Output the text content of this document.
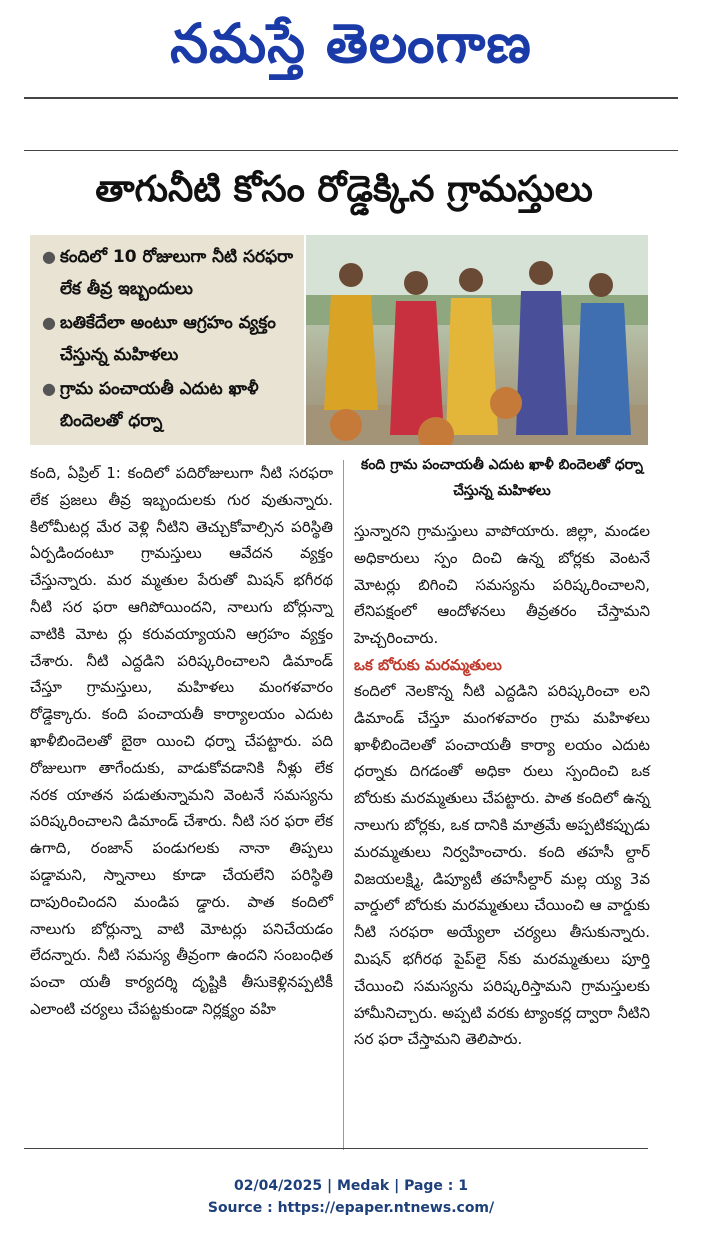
నమస్తే తెలంగాణ
తాగునీటి కోసం రోడ్డెక్కిన గ్రామస్తులు
● కందిలో 10 రోజులుగా నీటి సరఫరా లేక తీవ్ర ఇబ్బందులు
● బతికేదేలా అంటూ ఆగ్రహం వ్యక్తం చేస్తున్న మహిళలు
● గ్రామ పంచాయతీ ఎదుట ఖాళీ బిందెలతో ధర్నా
కంది గ్రామ పంచాయతీ ఎదుట ఖాళీ బిందెలతో ధర్నా చేస్తున్న మహిళలు

కంది, ఏప్రిల్ 1: కందిలో పదిరోజులుగా నీటి సరఫరా లేక ప్రజలు తీవ్ర ఇబ్బందులకు గుర వుతున్నారు. కిలోమీటర్ల మేర వెళ్లి నీటిని తెచ్చుకోవాల్సిన పరిస్థితి ఏర్పడిందంటూ గ్రామస్తులు ఆవేదన వ్యక్తం చేస్తున్నారు. మర మ్మతుల పేరుతో మిషన్ భగీరథ నీటి సర ఫరా ఆగిపోయిందని, నాలుగు బోర్లున్నా వాటికి మోట ర్లు కరువయ్యాయని ఆగ్రహం వ్యక్తం చేశారు. నీటి ఎద్దడిని పరిష్కరించాలని డిమాండ్ చేస్తూ గ్రామస్తులు, మహిళలు మంగళవారం రోడ్డెక్కారు. కంది పంచాయతీ కార్యాలయం ఎదుట ఖాళీబిందెలతో బైఠా యించి ధర్నా చేపట్టారు. పది రోజులుగా తాగేందుకు, వాడుకోవడానికి నీళ్లు లేక నరక యాతన పడుతున్నామని వెంటనే సమస్యను పరిష్కరించాలని డిమాండ్ చేశారు. నీటి సర ఫరా లేక ఉగాది, రంజాన్ పండుగలకు నానా తిప్పలు పడ్డామని, స్నానాలు కూడా చేయలేని పరిస్థితి దాపురించిందని మండిప డ్డారు. పాత కందిలో నాలుగు బోర్లున్నా వాటి మోటర్లు పనిచేయడం లేదన్నారు. నీటి సమస్య తీవ్రంగా ఉందని సంబంధిత పంచా యతీ కార్యదర్శి దృష్టికి తీసుకెళ్లినప్పటికీ ఎలాంటి చర్యలు చేపట్టకుండా నిర్లక్ష్యం వహి

స్తున్నారని గ్రామస్తులు వాపోయారు. జిల్లా, మండల అధికారులు స్పం దించి ఉన్న బోర్లకు వెంటనే మోటర్లు బిగించి సమస్యను పరిష్కరించాలని, లేనిపక్షంలో ఆందోళనలు తీవ్రతరం చేస్తామని హెచ్చరించారు.

ఒక బోరుకు మరమ్మతులు

కందిలో నెలకొన్న నీటి ఎద్దడిని పరిష్కరించా లని డిమాండ్ చేస్తూ మంగళవారం గ్రామ మహిళలు ఖాళీబిందెలతో పంచాయతీ కార్యా లయం ఎదుట ధర్నాకు దిగడంతో అధికా రులు స్పందించి ఒక బోరుకు మరమ్మతులు చేపట్టారు. పాత కందిలో ఉన్న నాలుగు బోర్లకు, ఒక దానికి మాత్రమే అప్పటికప్పుడు మరమ్మతులు నిర్వహించారు. కంది తహసీ ల్దార్ విజయలక్ష్మి, డిప్యూటీ తహసీల్దార్ మల్ల య్య 3వ వార్డులో బోరుకు మరమ్మతులు చేయించి ఆ వార్డుకు నీటి సరఫరా అయ్యేలా చర్యలు తీసుకున్నారు. మిషన్ భగీరథ పైప్‌లై న్‌కు మరమ్మతులు పూర్తి చేయించి సమస్యను పరిష్కరిస్తామని గ్రామస్తులకు హామీనిచ్చారు. అప్పటి వరకు ట్యాంకర్ల ద్వారా నీటిని సర ఫరా చేస్తామని తెలిపారు.

02/04/2025 | Medak | Page : 1
Source : https://epaper.ntnews.com/
